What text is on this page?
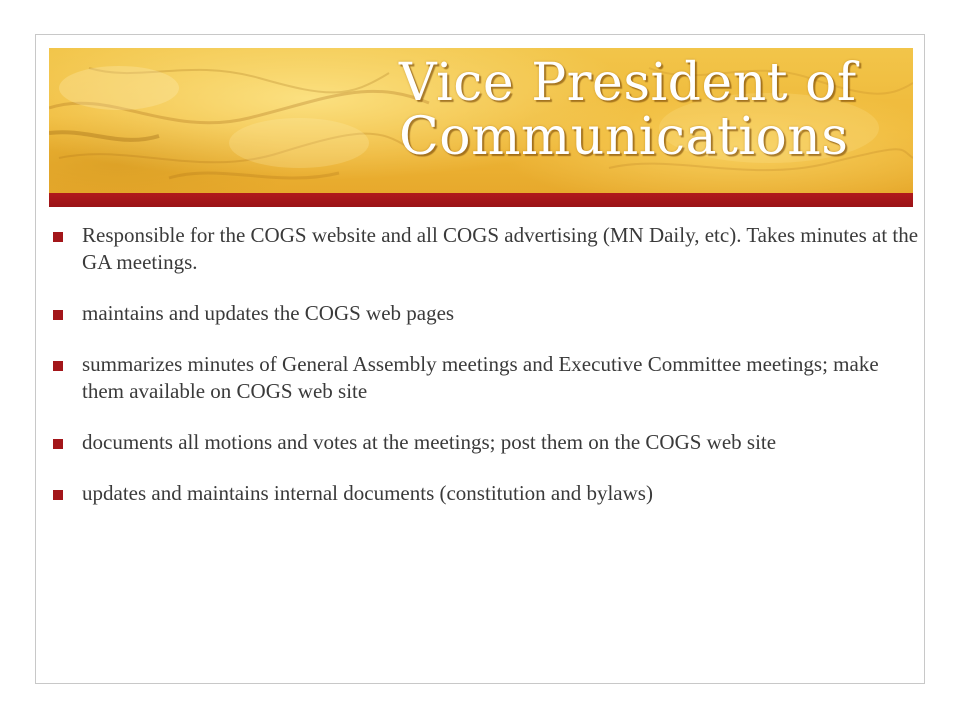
Vice President of
Communications
Responsible for the COGS website and all COGS advertising (MN Daily, etc). Takes minutes at the GA meetings.
maintains and updates the COGS web pages
summarizes minutes of General Assembly meetings and Executive Committee meetings; make them available on COGS web site
documents all motions and votes at the meetings; post them on the COGS web site
updates and maintains internal documents (constitution and bylaws)
